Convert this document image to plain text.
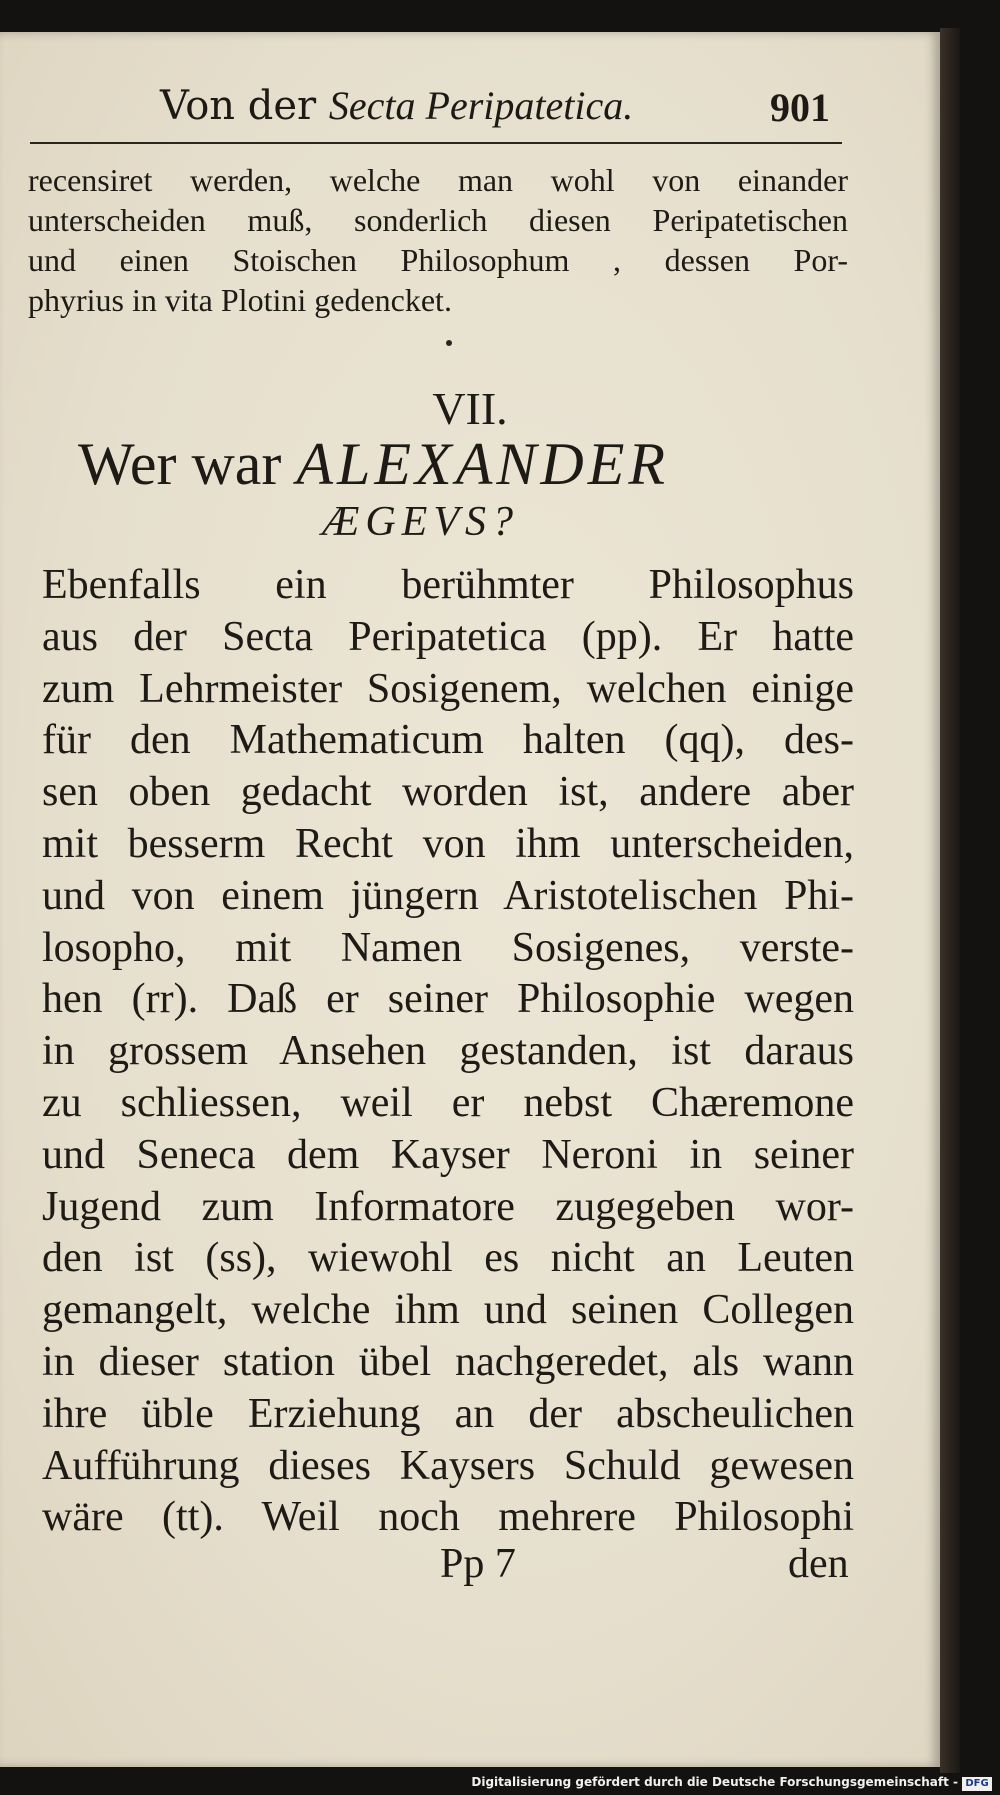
Von der Secta Peripatetica.	901
recensiret werden, welche man wohl von einander
unterscheiden muß, sonderlich diesen Peripatetischen
und einen Stoischen Philosophum , dessen Por-
phyrius in vita Plotini gedencket.
VII.
Wer war ALEXANDER
ÆGEVS?
Ebenfalls ein berühmter Philosophus
aus der Secta Peripatetica (pp). Er hatte
zum Lehrmeister Sosigenem, welchen einige
für den Mathematicum halten (qq), des-
sen oben gedacht worden ist, andere aber
mit besserm Recht von ihm unterscheiden,
und von einem jüngern Aristotelischen Phi-
losopho, mit Namen Sosigenes, verste-
hen (rr). Daß er seiner Philosophie wegen
in grossem Ansehen gestanden, ist daraus
zu schliessen, weil er nebst Chæremone
und Seneca dem Kayser Neroni in seiner
Jugend zum Informatore zugegeben wor-
den ist (ss), wiewohl es nicht an Leuten
gemangelt, welche ihm und seinen Collegen
in dieser station übel nachgeredet, als wann
ihre üble Erziehung an der abscheulichen
Aufführung dieses Kaysers Schuld gewesen
wäre (tt). Weil noch mehrere Philosophi
Pp 7	den
Digitalisierung gefördert durch die Deutsche Forschungsgemeinschaft - DFG
